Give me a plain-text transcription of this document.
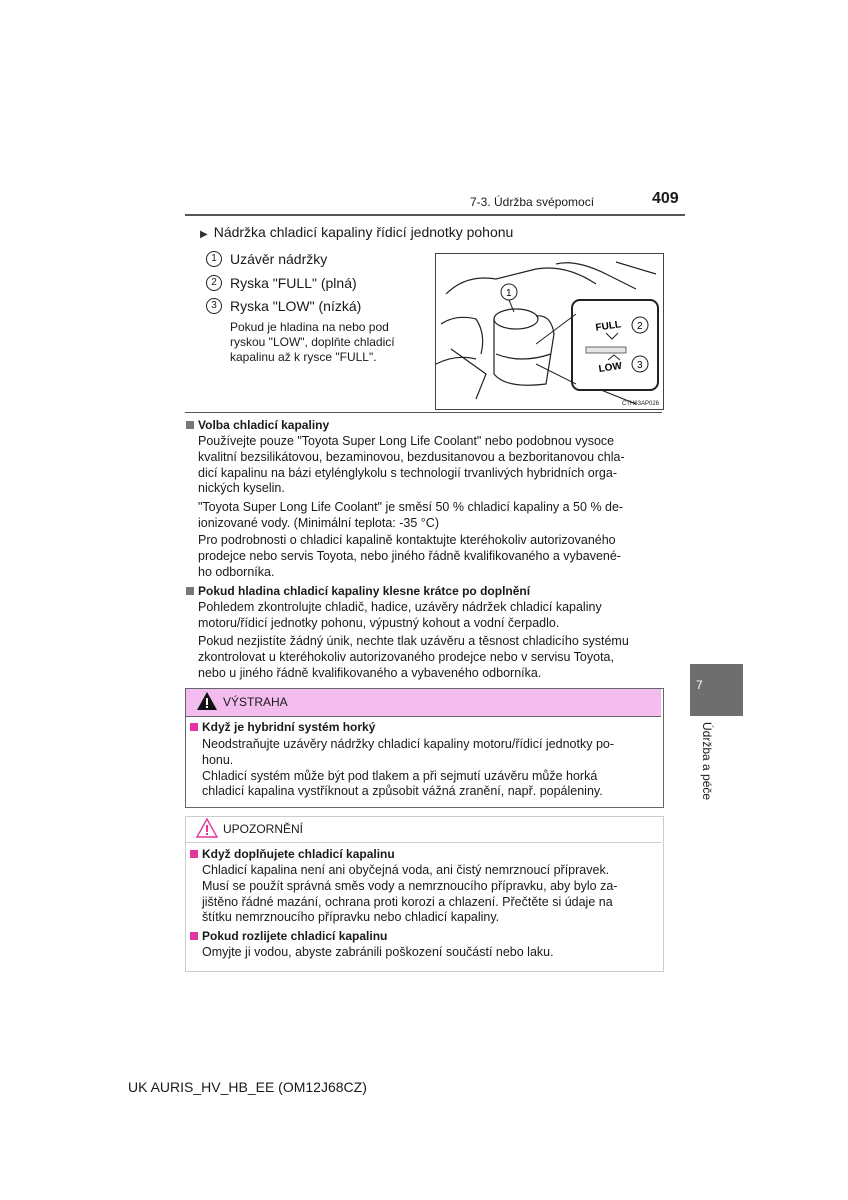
7-3. Údržba svépomocí	409
▶ Nádržka chladicí kapaliny řídicí jednotky pohonu
1 Uzávěr nádržky
2 Ryska "FULL" (plná)
3 Ryska "LOW" (nízká)
Pokud je hladina na nebo pod
ryskou "LOW", doplňte chladicí
kapalinu až k rysce "FULL".
FULL
LOW
1
2
3
CTH63AP026
Volba chladicí kapaliny
Používejte pouze "Toyota Super Long Life Coolant" nebo podobnou vysoce
kvalitní bezsilikátovou, bezaminovou, bezdusitanovou a bezboritanovou chla-
dicí kapalinu na bázi etylénglykolu s technologií trvanlivých hybridních orga-
nických kyselin.
"Toyota Super Long Life Coolant" je směsí 50 % chladicí kapaliny a 50 % de-
ionizované vody. (Minimální teplota: -35 °C)
Pro podrobnosti o chladicí kapalině kontaktujte kteréhokoliv autorizovaného
prodejce nebo servis Toyota, nebo jiného řádně kvalifikovaného a vybavené-
ho odborníka.
Pokud hladina chladicí kapaliny klesne krátce po doplnění
Pohledem zkontrolujte chladič, hadice, uzávěry nádržek chladicí kapaliny
motoru/řídicí jednotky pohonu, výpustný kohout a vodní čerpadlo.
Pokud nezjistíte žádný únik, nechte tlak uzávěru a těsnost chladicího systému
zkontrolovat u kteréhokoliv autorizovaného prodejce nebo v servisu Toyota,
nebo u jiného řádně kvalifikovaného a vybaveného odborníka.
VÝSTRAHA
Když je hybridní systém horký
Neodstraňujte uzávěry nádržky chladicí kapaliny motoru/řídicí jednotky po-
honu.
Chladicí systém může být pod tlakem a při sejmutí uzávěru může horká
chladicí kapalina vystříknout a způsobit vážná zranění, např. popáleniny.
UPOZORNĚNÍ
Když doplňujete chladicí kapalinu
Chladicí kapalina není ani obyčejná voda, ani čistý nemrznoucí přípravek.
Musí se použít správná směs vody a nemrznoucího přípravku, aby bylo za-
jištěno řádné mazání, ochrana proti korozi a chlazení. Přečtěte si údaje na
štítku nemrznoucího přípravku nebo chladicí kapaliny.
Pokud rozlijete chladicí kapalinu
Omyjte ji vodou, abyste zabránili poškození součástí nebo laku.
7
Údržba a péče
UK AURIS_HV_HB_EE (OM12J68CZ)
